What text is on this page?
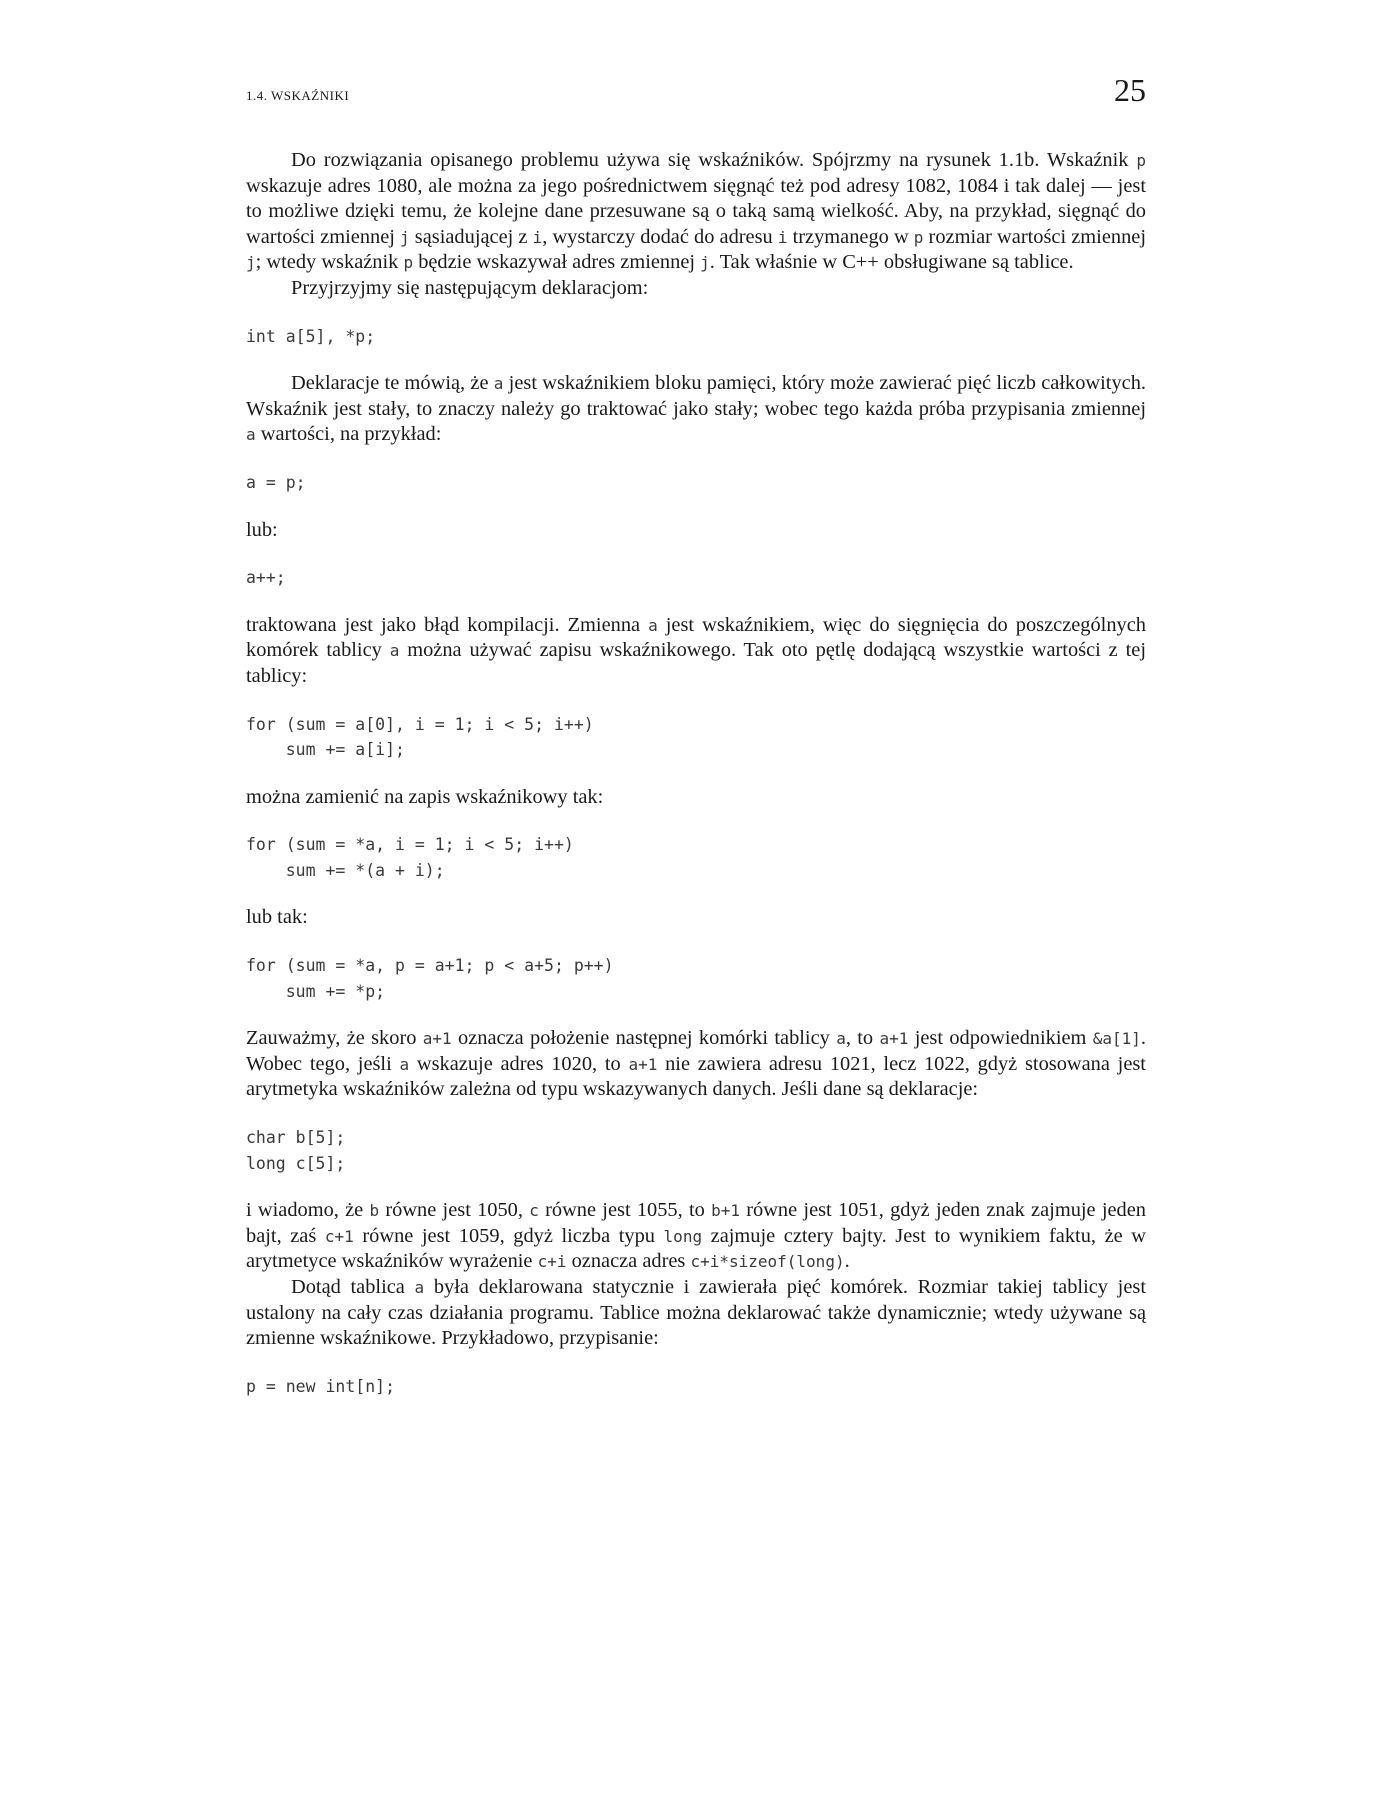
1.4. WSKAŹNIKI	25

Do rozwiązania opisanego problemu używa się wskaźników. Spójrzmy na rysunek 1.1b. Wskaźnik p wskazuje adres 1080, ale można za jego pośrednictwem sięgnąć też pod adresy 1082, 1084 i tak dalej — jest to możliwe dzięki temu, że kolejne dane przesuwane są o taką samą wielkość. Aby, na przykład, sięgnąć do wartości zmiennej j sąsiadującej z i, wystarczy dodać do adresu i trzymanego w p rozmiar wartości zmiennej j; wtedy wskaźnik p będzie wskazywał adres zmiennej j. Tak właśnie w C++ obsługiwane są tablice.

Przyjrzyjmy się następującym deklaracjom:

int a[5], *p;

Deklaracje te mówią, że a jest wskaźnikiem bloku pamięci, który może zawierać pięć liczb całkowitych. Wskaźnik jest stały, to znaczy należy go traktować jako stały; wobec tego każda próba przypisania zmiennej a wartości, na przykład:

a = p;

lub:

a++;

traktowana jest jako błąd kompilacji. Zmienna a jest wskaźnikiem, więc do sięgnięcia do poszczególnych komórek tablicy a można używać zapisu wskaźnikowego. Tak oto pętlę dodającą wszystkie wartości z tej tablicy:

for (sum = a[0], i = 1; i < 5; i++)
sum += a[i];

można zamienić na zapis wskaźnikowy tak:

for (sum = *a, i = 1; i < 5; i++)
sum += *(a + i);

lub tak:

for (sum = *a, p = a+1; p < a+5; p++)
sum += *p;

Zauważmy, że skoro a+1 oznacza położenie następnej komórki tablicy a, to a+1 jest odpowiednikiem &a[1]. Wobec tego, jeśli a wskazuje adres 1020, to a+1 nie zawiera adresu 1021, lecz 1022, gdyż stosowana jest arytmetyka wskaźników zależna od typu wskazywanych danych. Jeśli dane są deklaracje:

char b[5];
long c[5];

i wiadomo, że b równe jest 1050, c równe jest 1055, to b+1 równe jest 1051, gdyż jeden znak zajmuje jeden bajt, zaś c+1 równe jest 1059, gdyż liczba typu long zajmuje cztery bajty. Jest to wynikiem faktu, że w arytmetyce wskaźników wyrażenie c+i oznacza adres c+i*sizeof(long).

Dotąd tablica a była deklarowana statycznie i zawierała pięć komórek. Rozmiar takiej tablicy jest ustalony na cały czas działania programu. Tablice można deklarować także dynamicznie; wtedy używane są zmienne wskaźnikowe. Przykładowo, przypisanie:

p = new int[n];
